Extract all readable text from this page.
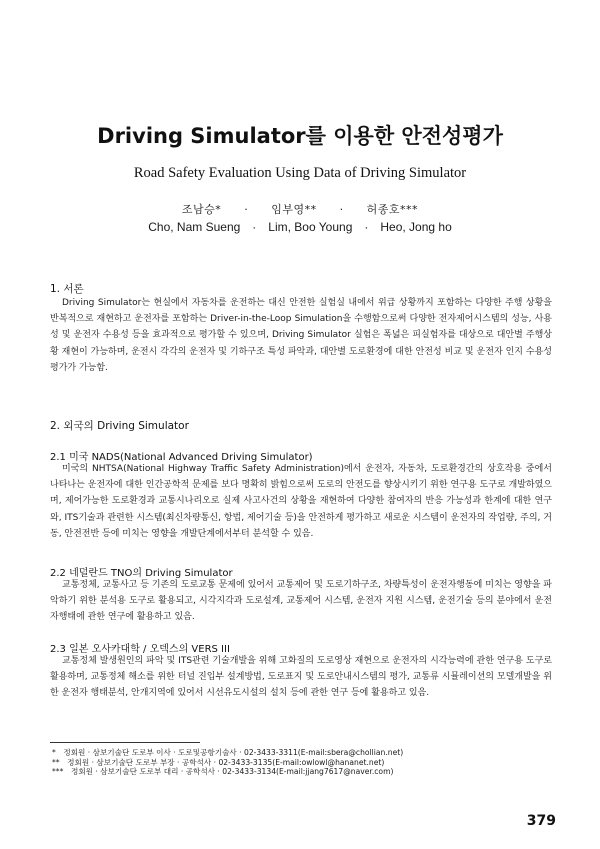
Driving Simulator를 이용한 안전성평가
Road Safety Evaluation Using Data of Driving Simulator
조남승*　　·　　임부영**　　·　　허종호***
Cho, Nam Sueng　·　Lim, Boo Young　·　Heo, Jong ho
1. 서론

Driving Simulator는 현실에서 자동차를 운전하는 대신 안전한 실험실 내에서 위급 상황까지 포함하는 다양한 주행 상황을 반복적으로 재현하고 운전자를 포함하는 Driver-in-the-Loop Simulation을 수행함으로써 다양한 전자제어시스템의 성능, 사용성 및 운전자 수용성 등을 효과적으로 평가할 수 있으며, Driving Simulator 실험은 폭넓은 피실험자를 대상으로 대안별 주행상황 재현이 가능하며, 운전시 각각의 운전자 및 기하구조 특성 파악과, 대안별 도로환경에 대한 안전성 비교 및 운전자 인지 수용성평가가 가능함.

2. 외국의 Driving Simulator
2.1 미국 NADS(National Advanced Driving Simulator)

미국의 NHTSA(National Highway Traffic Safety Administration)에서 운전자, 자동차, 도로환경간의 상호작용 중에서 나타나는 운전자에 대한 인간공학적 문제를 보다 명확히 밝힘으로써 도로의 안전도를 향상시키기 위한 연구용 도구로 개발하였으며, 제어가능한 도로환경과 교통시나리오로 실제 사고사건의 상황을 재현하여 다양한 참여자의 반응 가능성과 한계에 대한 연구와, ITS기술과 관련한 시스템(최신차량통신, 항법, 제어기술 등)을 안전하게 평가하고 새로운 시스템이 운전자의 작업량, 주의, 거동, 안전전반 등에 미치는 영향을 개발단계에서부터 분석할 수 있음.

2.2 네덜란드 TNO의 Driving Simulator

교통정체, 교통사고 등 기존의 도로교통 문제에 있어서 교통제어 및 도로기하구조, 차량특성이 운전자행동에 미치는 영향을 파악하기 위한 분석용 도구로 활용되고, 시각지각과 도로설계, 교통제어 시스템, 운전자 지원 시스템, 운전기술 등의 분야에서 운전자행태에 관한 연구에 활용하고 있음.

2.3 일본 오사카대학 / 오덱스의 VERS III

교통정체 발생원인의 파악 및 ITS관련 기술개발을 위해 고화질의 도로영상 재현으로 운전자의 시각능력에 관한 연구용 도구로 활용하며, 교통정체 해소를 위한 터널 진입부 설계방법, 도로표지 및 도로안내시스템의 평가, 교통류 시뮬레이션의 모델개발을 위한 운전자 행태분석, 안개지역에 있어서 시선유도시설의 설치 등에 관한 연구 등에 활용하고 있음.

*　정회원 · 삼보기술단 도로부 이사 · 도로및공항기술사 · 02-3433-3311(E-mail:sbera@chollian.net)
**　정회원 · 삼보기술단 도로부 부장 · 공학석사 · 02-3433-3135(E-mail:owlowl@hananet.net)
***　정회원 · 삼보기술단 도로부 대리 · 공학석사 · 02-3433-3134(E-mail:jjang7617@naver.com)
379
